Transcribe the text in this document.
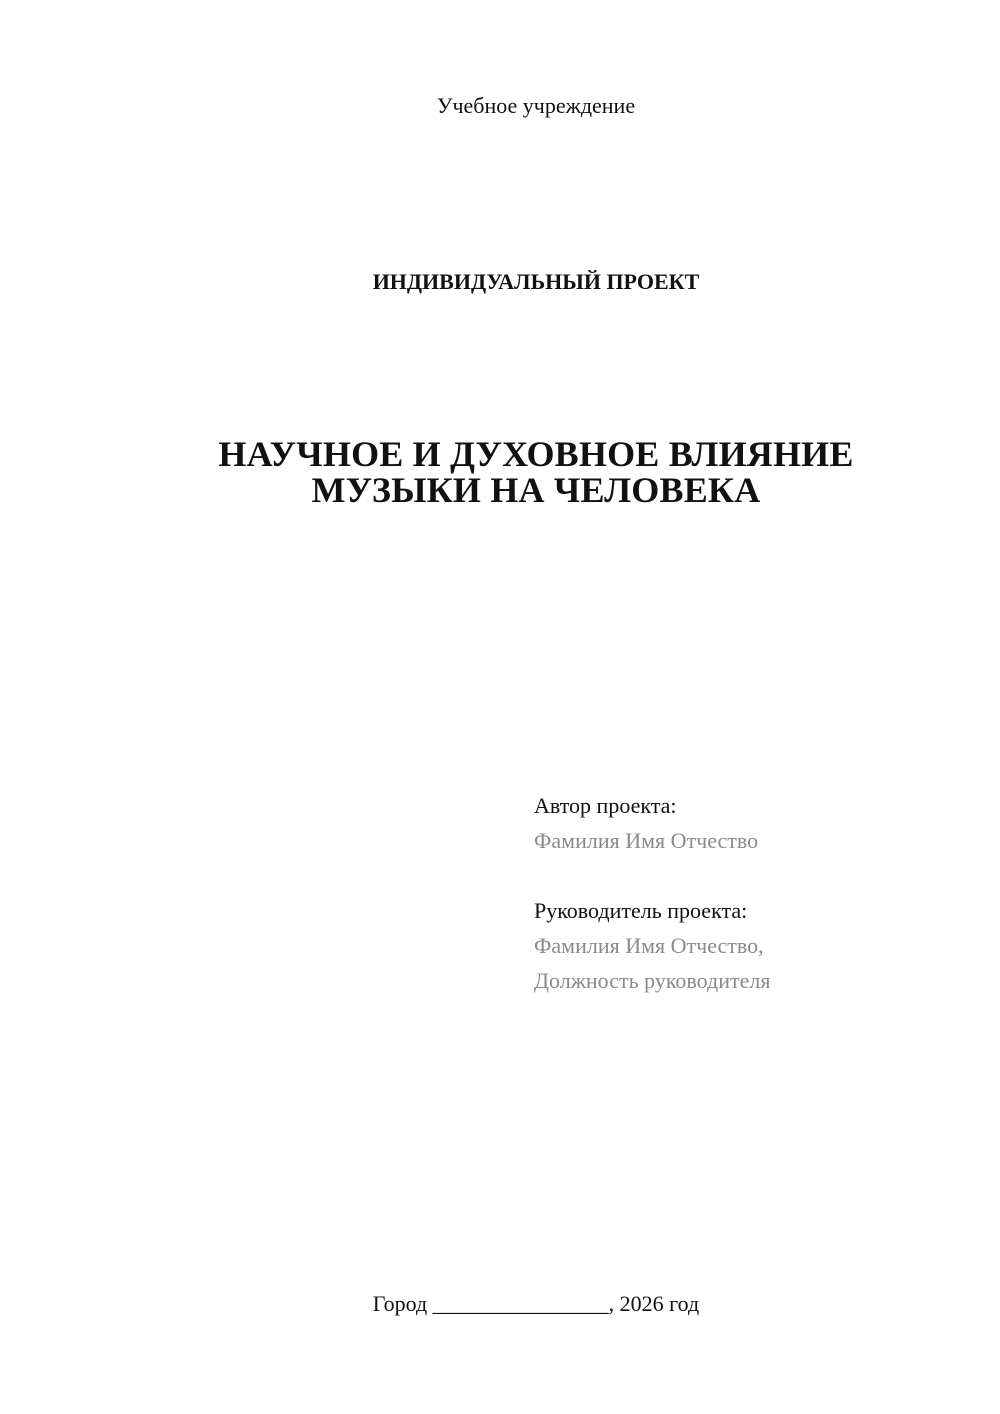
Учебное учреждение
ИНДИВИДУАЛЬНЫЙ ПРОЕКТ
НАУЧНОЕ И ДУХОВНОЕ ВЛИЯНИЕ
МУЗЫКИ НА ЧЕЛОВЕКА
Автор проекта:
Фамилия Имя Отчество
Руководитель проекта:
Фамилия Имя Отчество,
Должность руководителя
Город ________________, 2026 год
